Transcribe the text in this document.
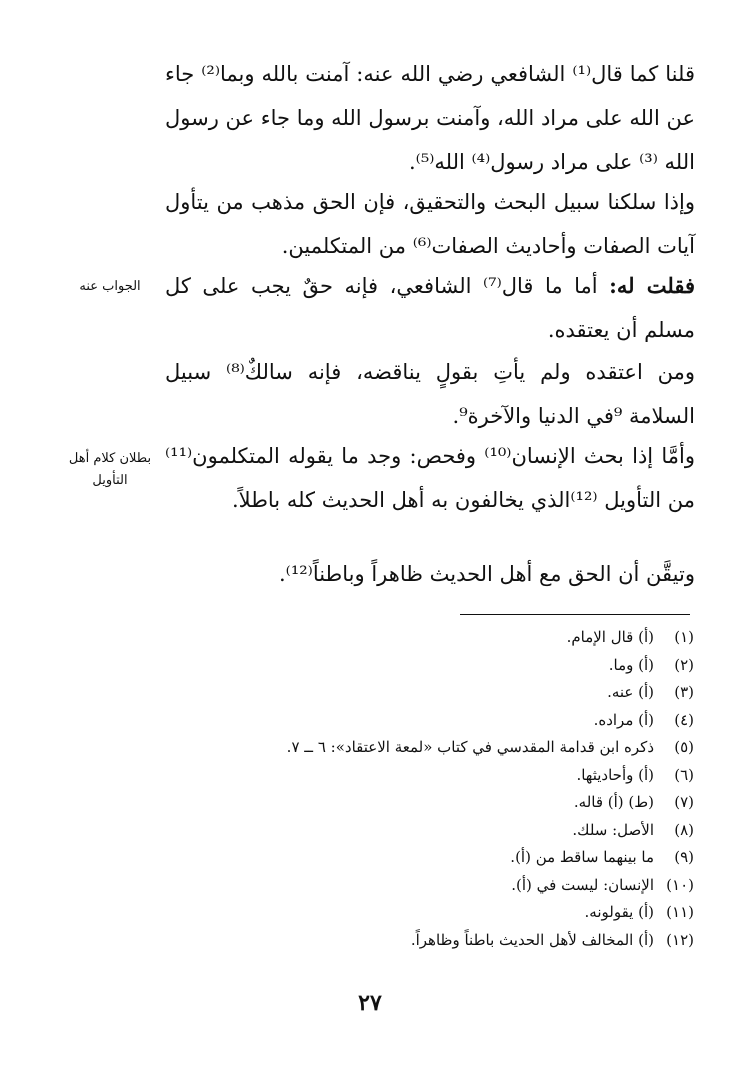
قلنا كما قال⁽¹⁾ الشافعي رضي الله عنه: آمنت بالله وبما⁽²⁾ جاء عن الله على مراد الله، وآمنت برسول الله وما جاء عن رسول الله ⁽³⁾ على مراد رسول⁽⁴⁾ الله⁽⁵⁾.
وإذا سلكنا سبيل البحث والتحقيق، فإن الحق مذهب من يتأول آيات الصفات وأحاديث الصفات⁽⁶⁾ من المتكلمين.
فقلت له: أما ما قال⁽⁷⁾ الشافعي، فإنه حقٌ يجب على كل مسلم أن يعتقده.
ومن اعتقده ولم يأتِ بقولٍ يناقضه، فإنه سالكٌ⁽⁸⁾ سبيل السلامة ⁹في الدنيا والآخرة⁹.
وأمَّا إذا بحث الإنسان⁽¹⁰⁾ وفحص: وجد ما يقوله المتكلمون⁽¹¹⁾ من التأويل ⁽¹²⁾الذي يخالفون به أهل الحديث كله باطلاً.
وتيقَّن أن الحق مع أهل الحديث ظاهراً وباطناً⁽¹²⁾.
الجواب عنه
بطلان كلام أهل التأويل
(١)(أ) قال الإمام.
(٢)(أ) وما.
(٣)(أ) عنه.
(٤)(أ) مراده.
(٥)ذكره ابن قدامة المقدسي في كتاب «لمعة الاعتقاد»: ٦ ــ ٧.
(٦)(أ) وأحاديثها.
(٧)(ط) (أ) قاله.
(٨)الأصل: سلك.
(٩)ما بينهما ساقط من (أ).
(١٠)الإنسان: ليست في (أ).
(١١)(أ) يقولونه.
(١٢)(أ) المخالف لأهل الحديث باطناً وظاهراً.
٢٧
